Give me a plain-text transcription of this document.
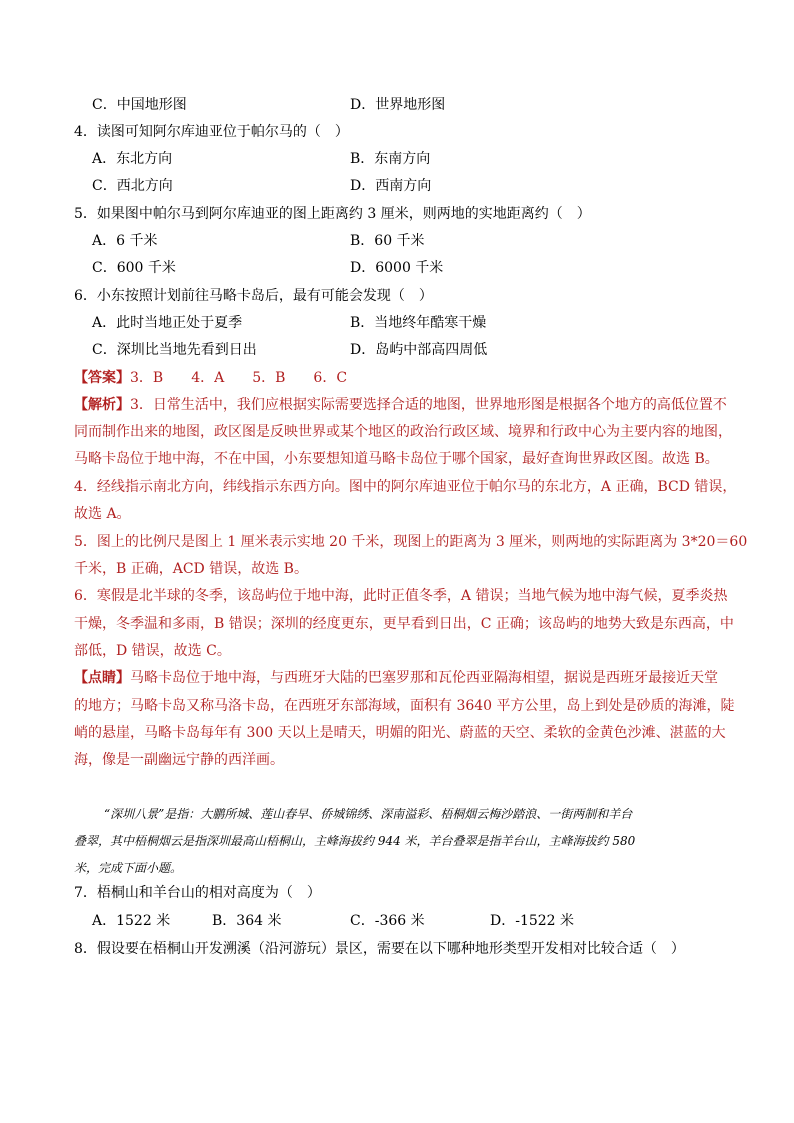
C．中国地形图	D．世界地形图
4．读图可知阿尔库迪亚位于帕尔马的（　）
A．东北方向	B．东南方向
C．西北方向	D．西南方向
5．如果图中帕尔马到阿尔库迪亚的图上距离约 3 厘米，则两地的实地距离约（　）
A．6 千米	B．60 千米
C．600 千米	D．6000 千米
6．小东按照计划前往马略卡岛后，最有可能会发现（　）
A．此时当地正处于夏季	B．当地终年酷寒干燥
C．深圳比当地先看到日出	D．岛屿中部高四周低
【答案】3．B　　4．A　　5．B　　6．C
【解析】3．日常生活中，我们应根据实际需要选择合适的地图，世界地形图是根据各个地方的高低位置不
同而制作出来的地图，政区图是反映世界或某个地区的政治行政区域、境界和行政中心为主要内容的地图，
马略卡岛位于地中海，不在中国，小东要想知道马略卡岛位于哪个国家，最好查询世界政区图。故选 B。
4．经线指示南北方向，纬线指示东西方向。图中的阿尔库迪亚位于帕尔马的东北方，A 正确，BCD 错误，
故选 A。
5．图上的比例尺是图上 1 厘米表示实地 20 千米，现图上的距离为 3 厘米，则两地的实际距离为 3*20＝60
千米，B 正确，ACD 错误，故选 B。
6．寒假是北半球的冬季，该岛屿位于地中海，此时正值冬季，A 错误；当地气候为地中海气候，夏季炎热
干燥，冬季温和多雨，B 错误；深圳的经度更东，更早看到日出，C 正确；该岛屿的地势大致是东西高，中
部低，D 错误，故选 C。
【点睛】马略卡岛位于地中海，与西班牙大陆的巴塞罗那和瓦伦西亚隔海相望，据说是西班牙最接近天堂
的地方；马略卡岛又称马洛卡岛，在西班牙东部海域，面积有 3640 平方公里，岛上到处是砂质的海滩，陡
峭的悬崖，马略卡岛每年有 300 天以上是晴天，明媚的阳光、蔚蓝的天空、柔软的金黄色沙滩、湛蓝的大
海，像是一副幽远宁静的西洋画。
“深圳八景”是指：大鹏所城、莲山春早、侨城锦绣、深南溢彩、梧桐烟云梅沙踏浪、一街两制和羊台
叠翠，其中梧桐烟云是指深圳最高山梧桐山，主峰海拔约 944 米，羊台叠翠是指羊台山，主峰海拔约 580
米，完成下面小题。
7．梧桐山和羊台山的相对高度为（　）
A．1522 米	B．364 米	C．-366 米	D．-1522 米
8．假设要在梧桐山开发溯溪（沿河游玩）景区，需要在以下哪种地形类型开发相对比较合适（　）
